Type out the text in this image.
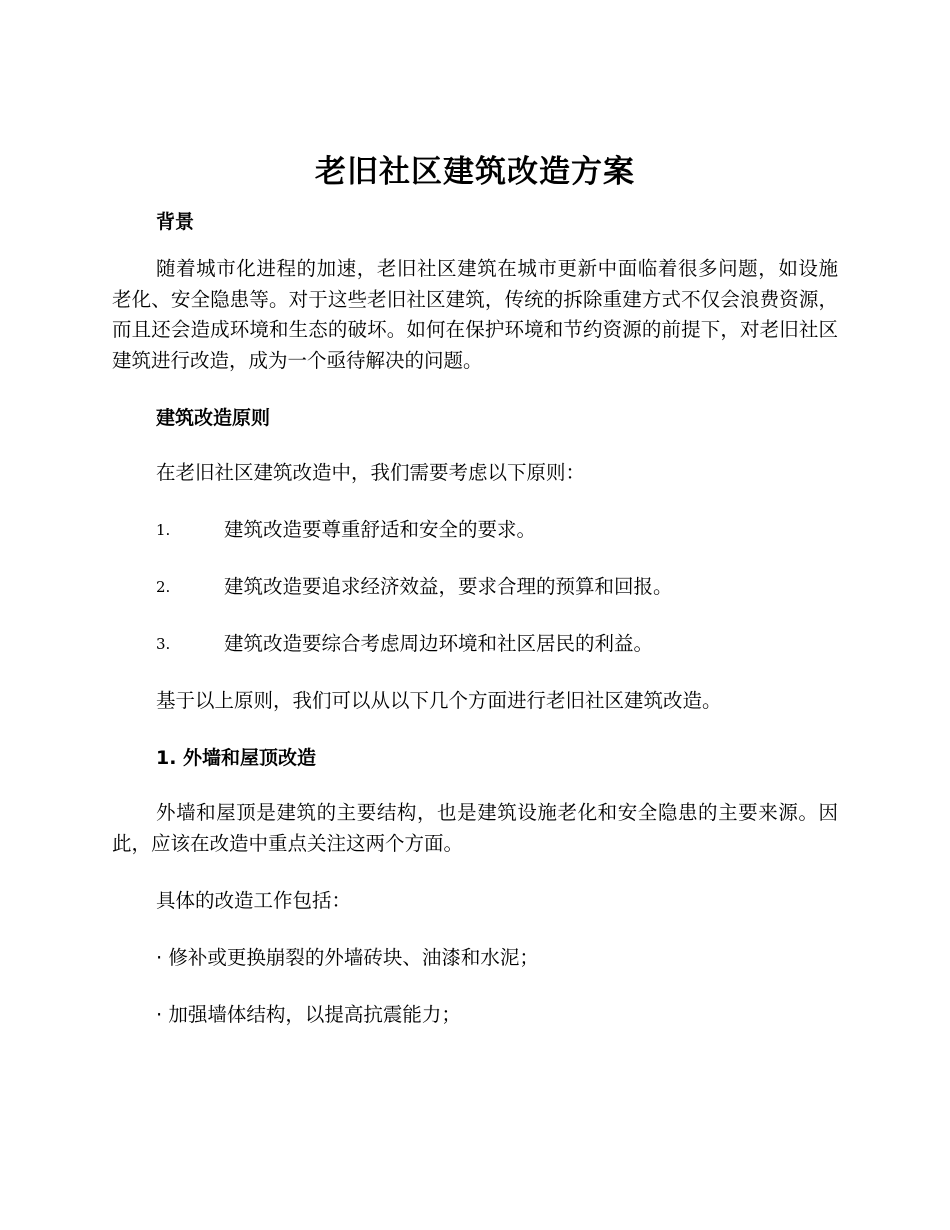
老旧社区建筑改造方案
背景

随着城市化进程的加速，老旧社区建筑在城市更新中面临着很多问题，如设施老化、安全隐患等。对于这些老旧社区建筑，传统的拆除重建方式不仅会浪费资源，而且还会造成环境和生态的破坏。如何在保护环境和节约资源的前提下，对老旧社区建筑进行改造，成为一个亟待解决的问题。

建筑改造原则

在老旧社区建筑改造中，我们需要考虑以下原则：

1.	建筑改造要尊重舒适和安全的要求。
2.	建筑改造要追求经济效益，要求合理的预算和回报。
3.	建筑改造要综合考虑周边环境和社区居民的利益。

基于以上原则，我们可以从以下几个方面进行老旧社区建筑改造。

1. 外墙和屋顶改造

外墙和屋顶是建筑的主要结构，也是建筑设施老化和安全隐患的主要来源。因此，应该在改造中重点关注这两个方面。

具体的改造工作包括：

· 修补或更换崩裂的外墙砖块、油漆和水泥；

· 加强墙体结构，以提高抗震能力；
